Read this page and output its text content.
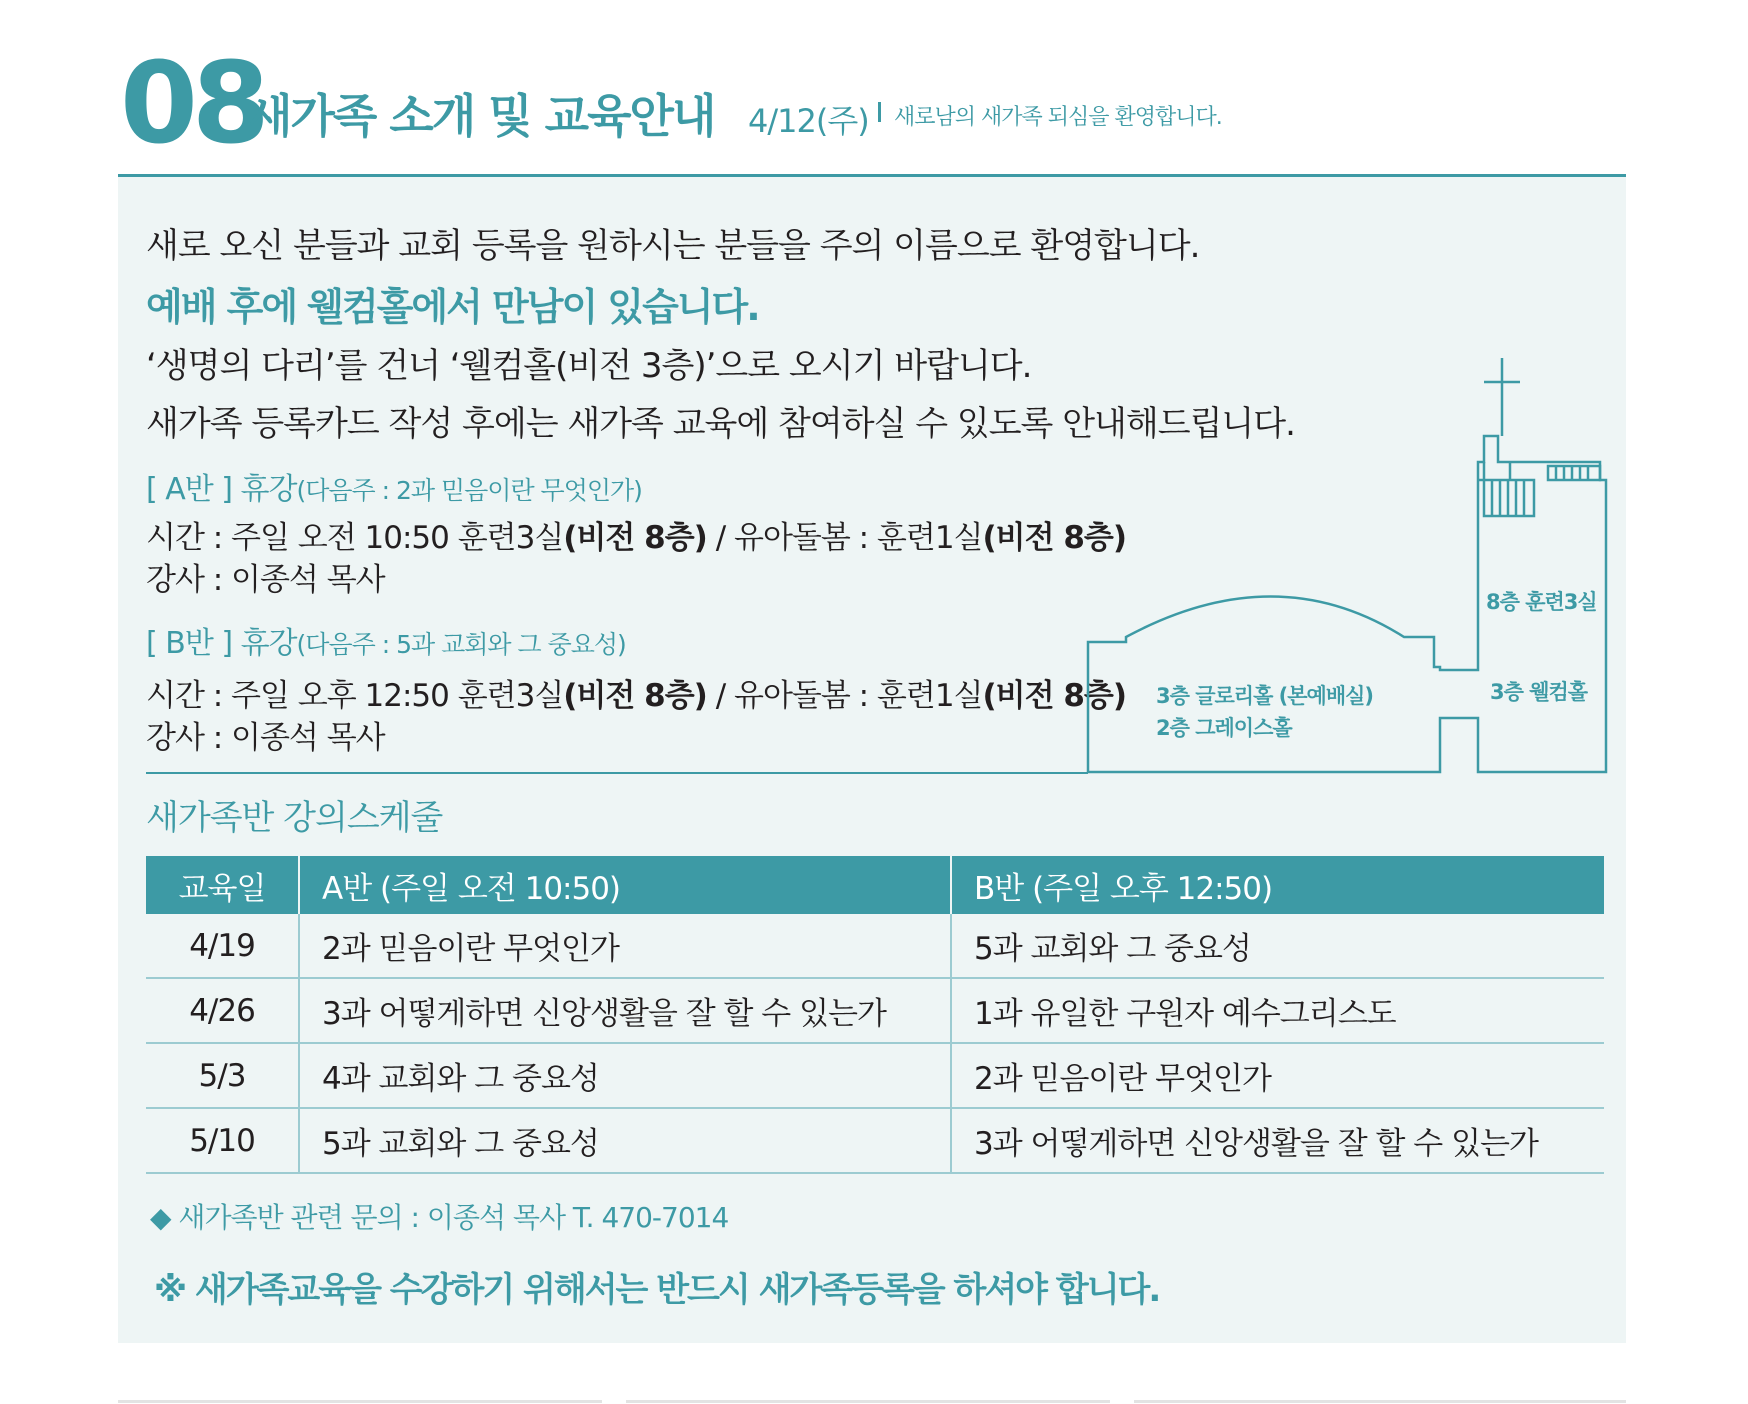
08
새가족 소개 및 교육안내 4/12(주) 새로남의 새가족 되심을 환영합니다.
새로 오신 분들과 교회 등록을 원하시는 분들을 주의 이름으로 환영합니다.
예배 후에 웰컴홀에서 만남이 있습니다.
‘생명의 다리’를 건너 ‘웰컴홀(비전 3층)’으로 오시기 바랍니다.
새가족 등록카드 작성 후에는 새가족 교육에 참여하실 수 있도록 안내해드립니다.
[ A반 ] 휴강(다음주 : 2과 믿음이란 무엇인가)
시간 : 주일 오전 10:50 훈련3실(비전 8층) / 유아돌봄 : 훈련1실(비전 8층)
강사 : 이종석 목사
[ B반 ] 휴강(다음주 : 5과 교회와 그 중요성)
시간 : 주일 오후 12:50 훈련3실(비전 8층) / 유아돌봄 : 훈련1실(비전 8층)
강사 : 이종석 목사
8층 훈련3실
3층 웰컴홀
3층 글로리홀 (본예배실)
2층 그레이스홀
새가족반 강의스케줄
교육일	A반 (주일 오전 10:50)	B반 (주일 오후 12:50)
4/19	2과 믿음이란 무엇인가	5과 교회와 그 중요성
4/26	3과 어떻게하면 신앙생활을 잘 할 수 있는가	1과 유일한 구원자 예수그리스도
5/3	4과 교회와 그 중요성	2과 믿음이란 무엇인가
5/10	5과 교회와 그 중요성	3과 어떻게하면 신앙생활을 잘 할 수 있는가
◆ 새가족반 관련 문의 : 이종석 목사 T. 470-7014
※ 새가족교육을 수강하기 위해서는 반드시 새가족등록을 하셔야 합니다.
